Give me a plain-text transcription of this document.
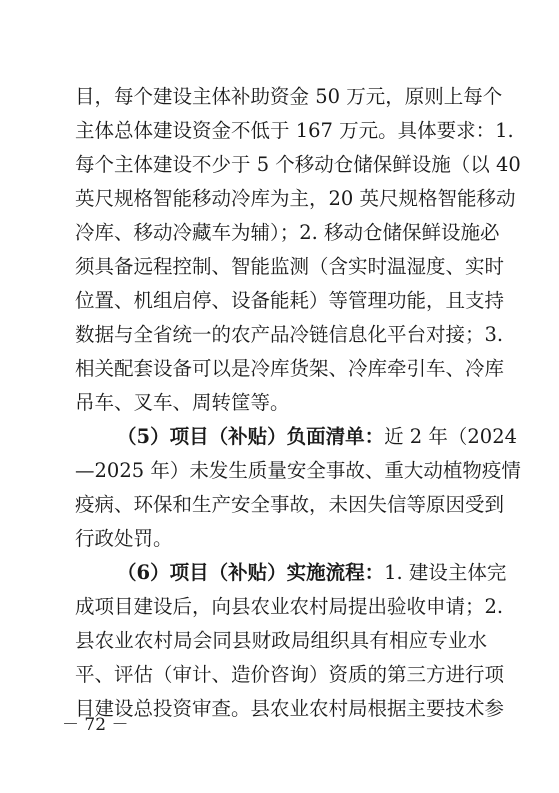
目，每个建设主体补助资金 50 万元，原则上每个
主体总体建设资金不低于 167 万元。具体要求：1.
每个主体建设不少于 5 个移动仓储保鲜设施（以 40
英尺规格智能移动冷库为主，20 英尺规格智能移动
冷库、移动冷藏车为辅）；2. 移动仓储保鲜设施必
须具备远程控制、智能监测（含实时温湿度、实时
位置、机组启停、设备能耗）等管理功能，且支持
数据与全省统一的农产品冷链信息化平台对接；3.
相关配套设备可以是冷库货架、冷库牵引车、冷库
吊车、叉车、周转筐等。
（5）项目（补贴）负面清单：近 2 年（2024
—2025 年）未发生质量安全事故、重大动植物疫情
疫病、环保和生产安全事故，未因失信等原因受到
行政处罚。
（6）项目（补贴）实施流程：1. 建设主体完
成项目建设后，向县农业农村局提出验收申请；2.
县农业农村局会同县财政局组织具有相应专业水
平、评估（审计、造价咨询）资质的第三方进行项
目建设总投资审查。县农业农村局根据主要技术参
－ 72 －
